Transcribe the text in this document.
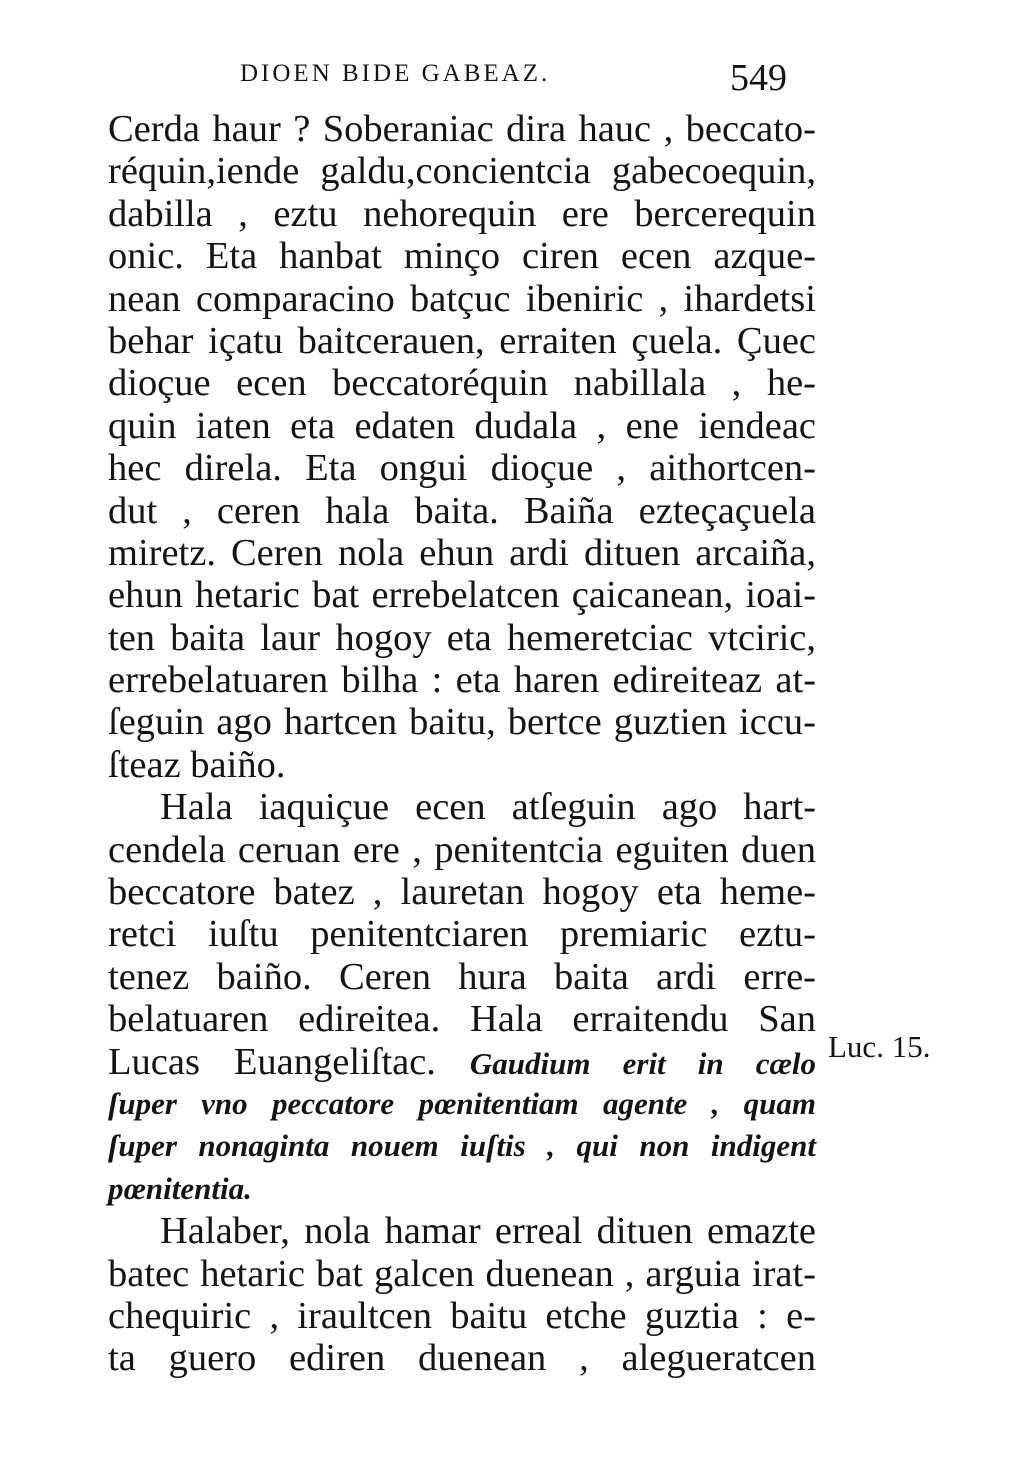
DIOEN BIDE GABEAZ.	549
Cerda haur ? Soberaniac dira hauc , beccato-
réquin,iende galdu,concientcia gabecoequin,
dabilla , eztu nehorequin ere bercerequin
onic. Eta hanbat minço ciren ecen azque-
nean comparacino batçuc ibeniric , ihardetsi
behar içatu baitcerauen, erraiten çuela. Çuec
dioçue ecen beccatoréquin nabillala , he-
quin iaten eta edaten dudala , ene iendeac
hec direla. Eta ongui dioçue , aithortcen-
dut , ceren hala baita. Baiña ezteçaçuela
miretz. Ceren nola ehun ardi dituen arcaiña,
ehun hetaric bat errebelatcen çaicanean, ioai-
ten baita laur hogoy eta hemeretciac vtciric,
errebelatuaren bilha : eta haren edireiteaz at-
ſeguin ago hartcen baitu, bertce guztien iccu-
ſteaz baiño.
Hala iaquiçue ecen atſeguin ago hart-
cendela ceruan ere , penitentcia eguiten duen
beccatore batez , lauretan hogoy eta heme-
retci iuſtu penitentciaren premiaric eztu-
tenez baiño. Ceren hura baita ardi erre-
belatuaren edireitea. Hala erraitendu San
Lucas Euangeliſtac. Gaudium erit in cælo
ſuper vno peccatore pœnitentiam agente , quam
ſuper nonaginta nouem iuſtis , qui non indigent
pœnitentia.
Halaber, nola hamar erreal dituen emazte
batec hetaric bat galcen duenean , arguia irat-
chequiric , iraultcen baitu etche guztia : e-
ta guero ediren duenean , alegueratcen
Luc. 15.
